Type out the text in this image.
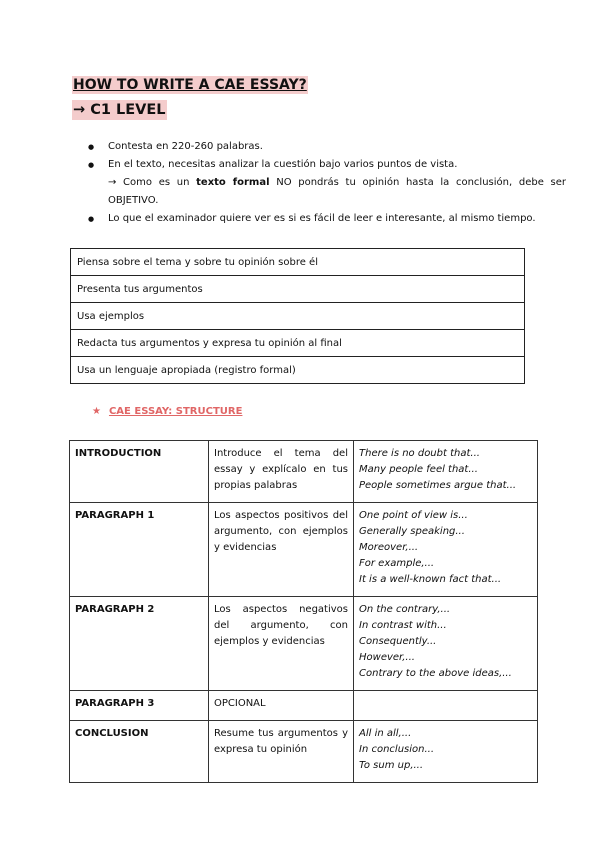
HOW TO WRITE A CAE ESSAY?
→ C1 LEVEL
● Contesta en 220-260 palabras.
● En el texto, necesitas analizar la cuestión bajo varios puntos de vista.
→ Como es un texto formal NO pondrás tu opinión hasta la conclusión, debe ser OBJETIVO.
● Lo que el examinador quiere ver es si es fácil de leer e interesante, al mismo tiempo.
Piensa sobre el tema y sobre tu opinión sobre él
Presenta tus argumentos
Usa ejemplos
Redacta tus argumentos y expresa tu opinión al final
Usa un lenguaje apropiada (registro formal)
★ CAE ESSAY: STRUCTURE
INTRODUCTION	Introduce el tema del essay y explícalo en tus propias palabras	There is no doubt that...
Many people feel that...
People sometimes argue that...

PARAGRAPH 1	Los aspectos positivos del argumento, con ejemplos y evidencias	One point of view is...
Generally speaking...
Moreover,...
For example,...
It is a well-known fact that...

PARAGRAPH 2	Los aspectos negativos del argumento, con ejemplos y evidencias	On the contrary,...
In contrast with...
Consequently...
However,...
Contrary to the above ideas,...

PARAGRAPH 3	OPCIONAL	
CONCLUSION	Resume tus argumentos y expresa tu opinión	All in all,...
In conclusion...
To sum up,...
